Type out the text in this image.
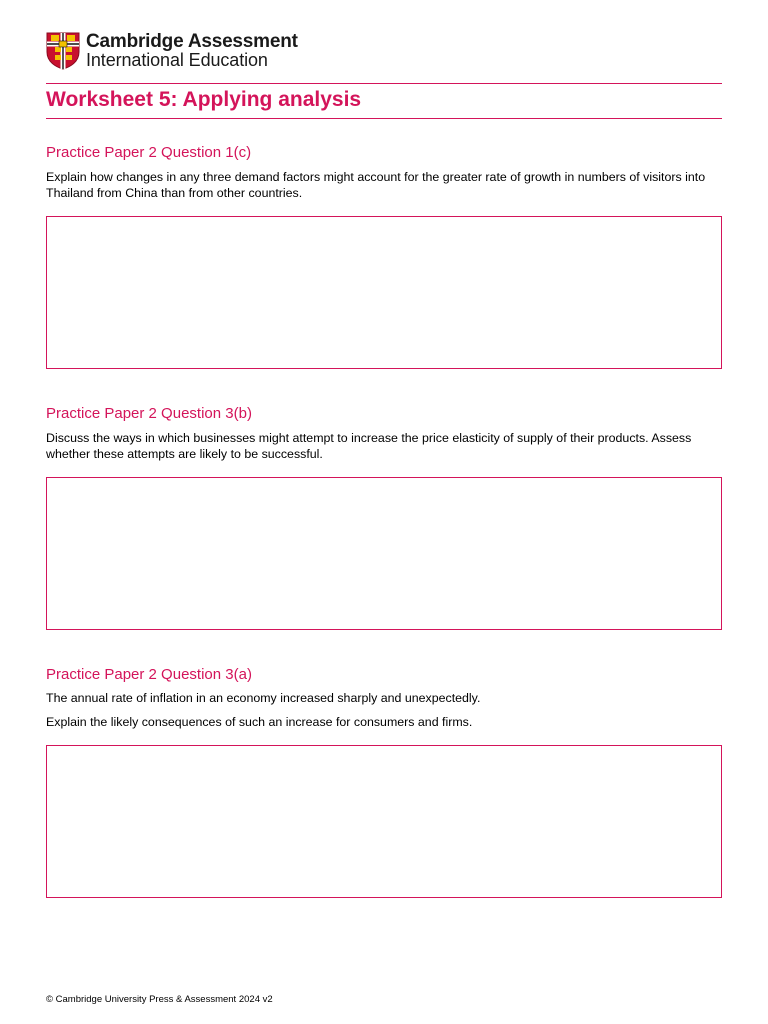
Cambridge Assessment
International Education
Worksheet 5: Applying analysis
Practice Paper 2 Question 1(c)

Explain how changes in any three demand factors might account for the greater rate of growth in numbers of visitors into Thailand from China than from other countries.

Practice Paper 2 Question 3(b)

Discuss the ways in which businesses might attempt to increase the price elasticity of supply of their products. Assess whether these attempts are likely to be successful.

Practice Paper 2 Question 3(a)

The annual rate of inflation in an economy increased sharply and unexpectedly.

Explain the likely consequences of such an increase for consumers and firms.

© Cambridge University Press & Assessment 2024 v2
